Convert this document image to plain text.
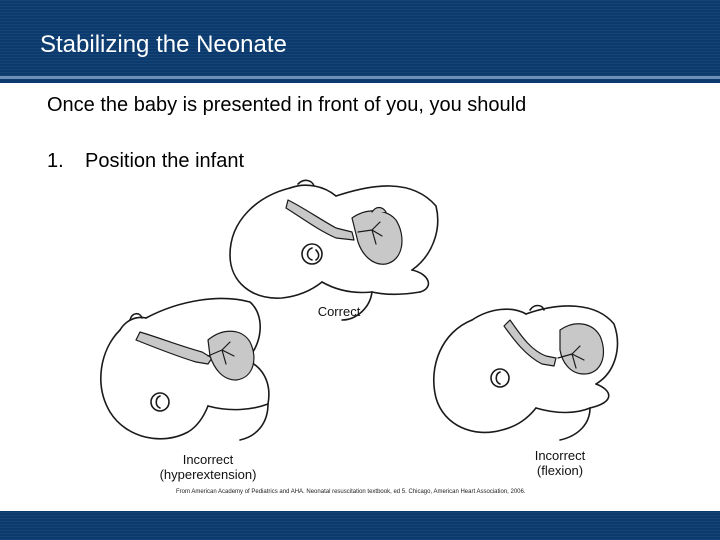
Stabilizing the Neonate
Once the baby is presented in front of you, you should
1. Position the infant
Correct
Incorrect
(hyperextension)
Incorrect
(flexion)
From American Academy of Pediatrics and AHA. Neonatal resuscitation textbook, ed 5. Chicago, American Heart Association, 2006.
